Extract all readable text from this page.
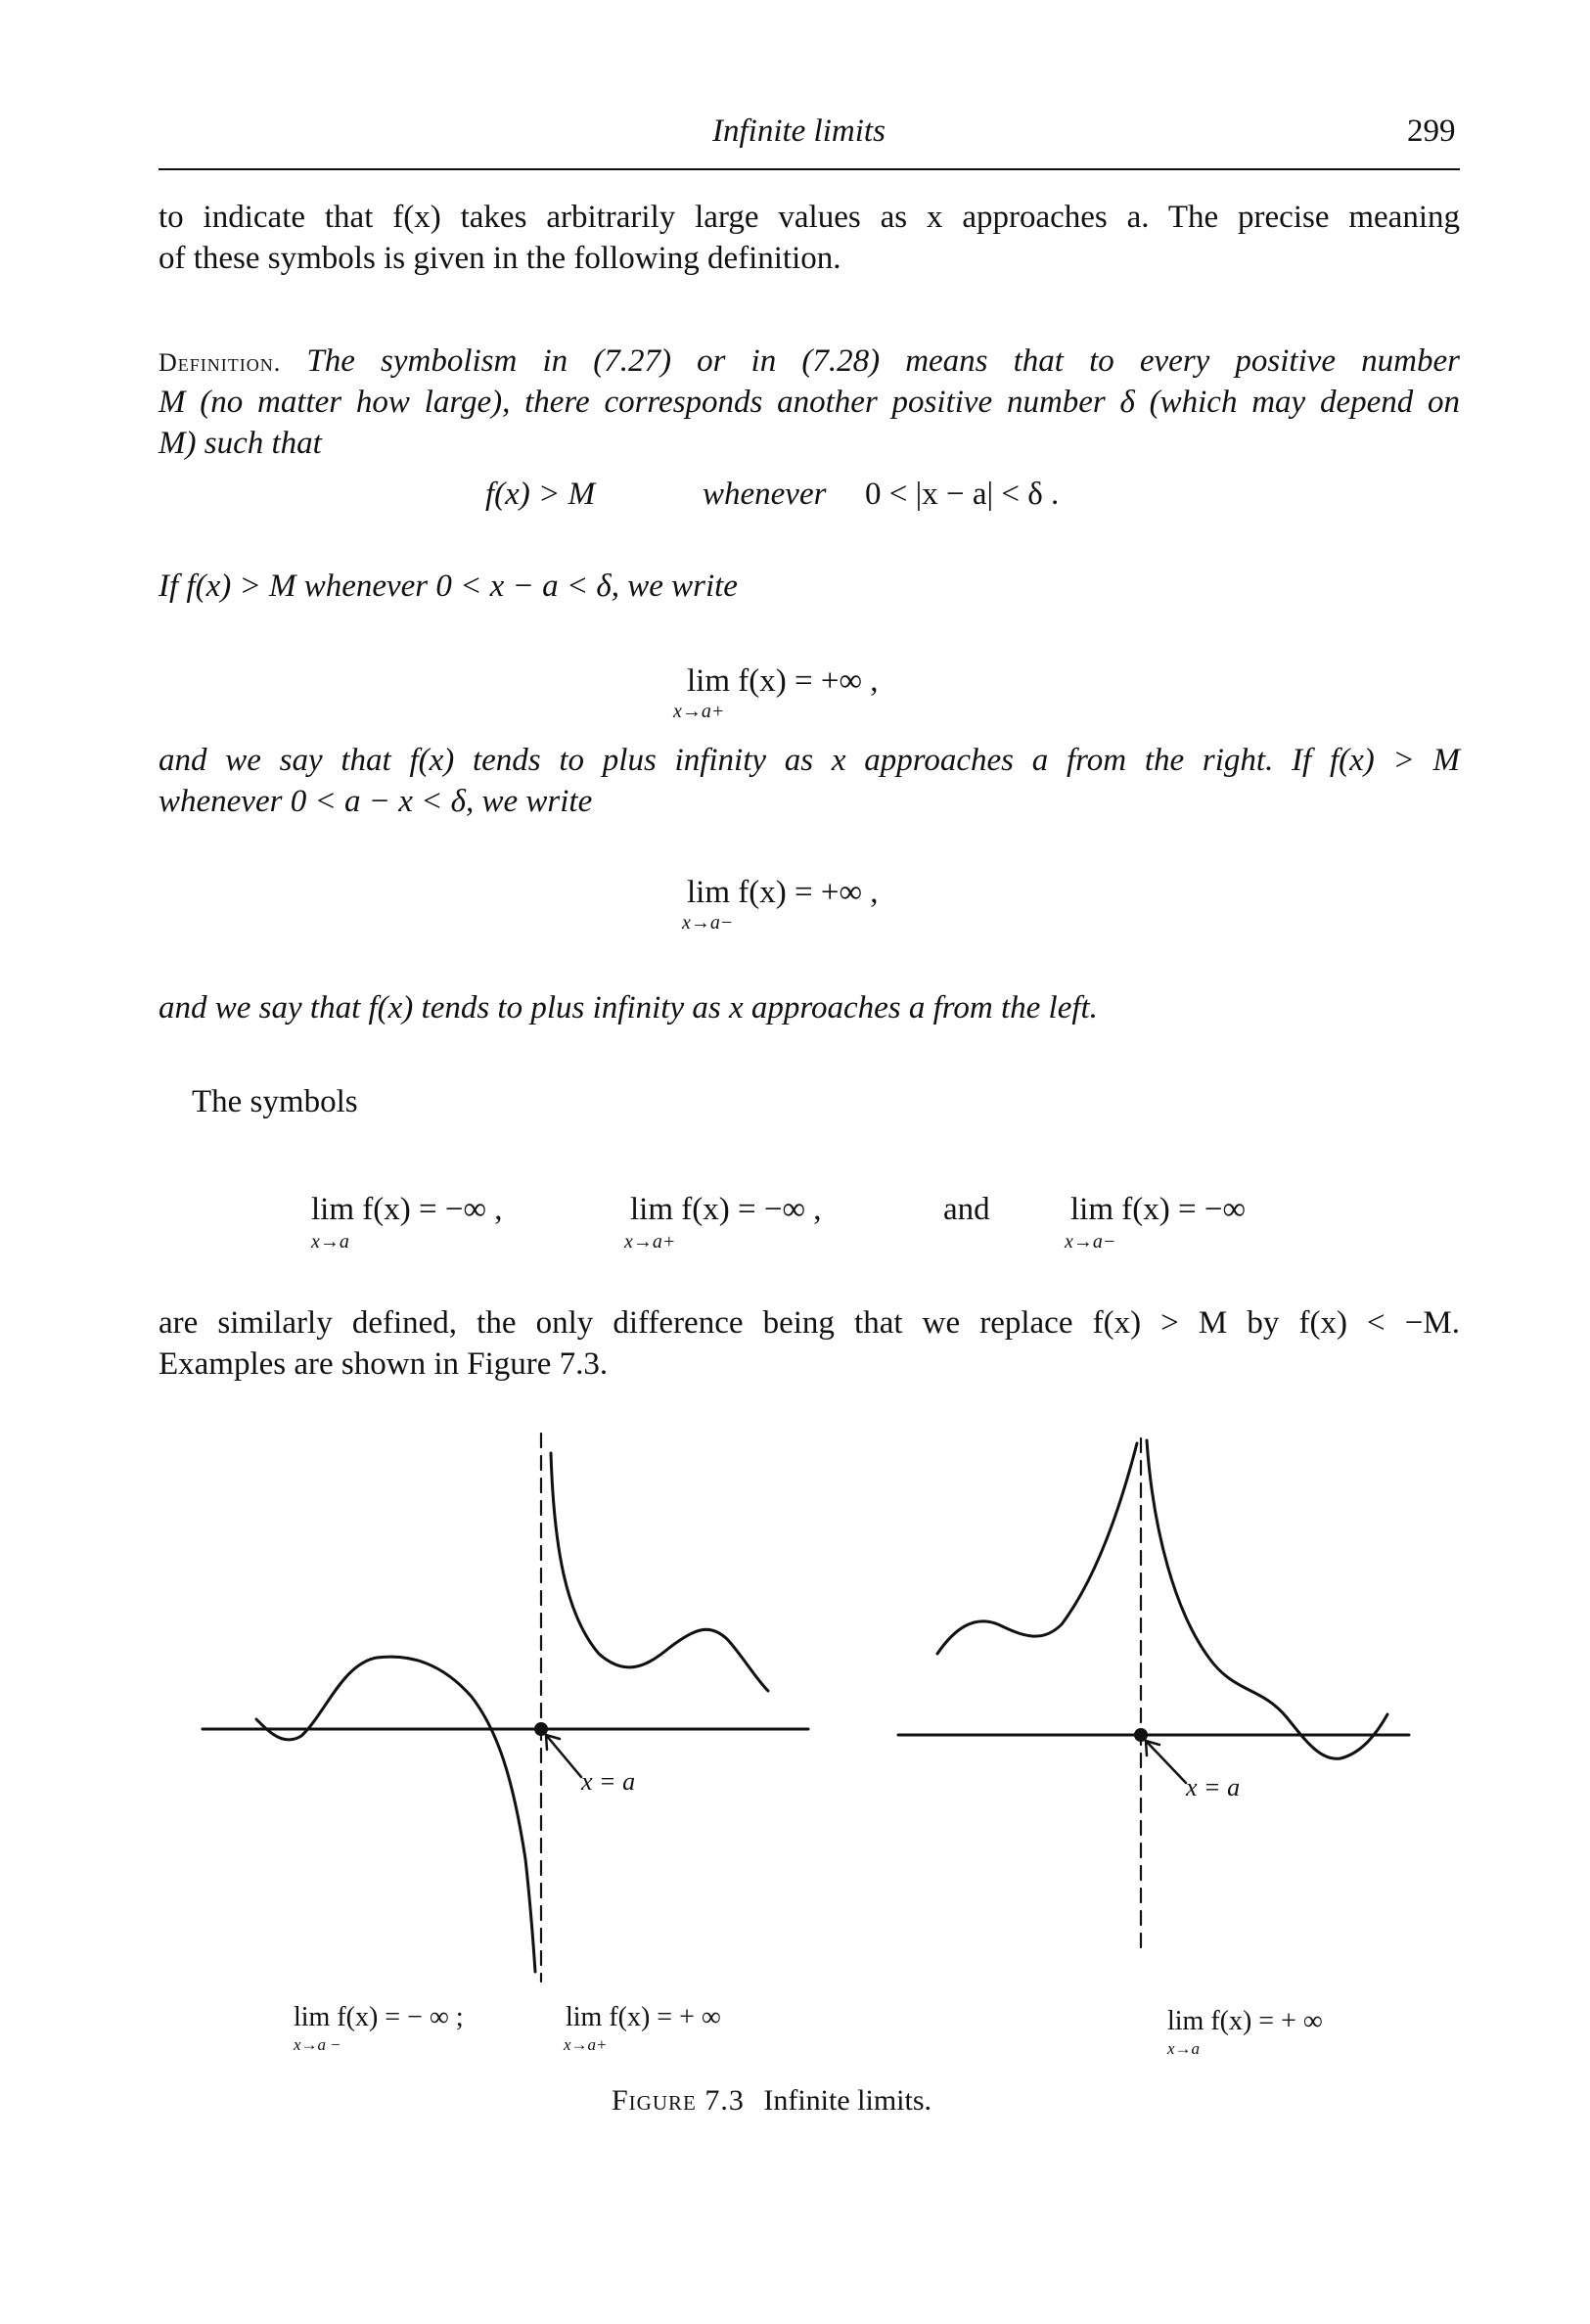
Infinite limits	299
to indicate that f(x) takes arbitrarily large values as x approaches a. The precise meaning
of these symbols is given in the following definition.
Definition. The symbolism in (7.27) or in (7.28) means that to every positive number
M (no matter how large), there corresponds another positive number δ (which may depend on
M) such that
f(x) > M	whenever 0 < |x − a| < δ .
If f(x) > M whenever 0 < x − a < δ, we write
lim f(x) = +∞ ,
x→a+
and we say that f(x) tends to plus infinity as x approaches a from the right. If f(x) > M
whenever 0 < a − x < δ, we write
lim f(x) = +∞ ,
x→a−
and we say that f(x) tends to plus infinity as x approaches a from the left.
The symbols
lim f(x) = −∞ ,
x→a
lim f(x) = −∞ ,
x→a+
and lim f(x) = −∞
x→a−
are similarly defined, the only difference being that we replace f(x) > M by f(x) < −M.
Examples are shown in Figure 7.3.
x = a	x = a
lim f(x) = − ∞ ;
x→a −
lim f(x) = + ∞
x→a+
lim f(x) = + ∞
x→a
Figure 7.3 Infinite limits.
